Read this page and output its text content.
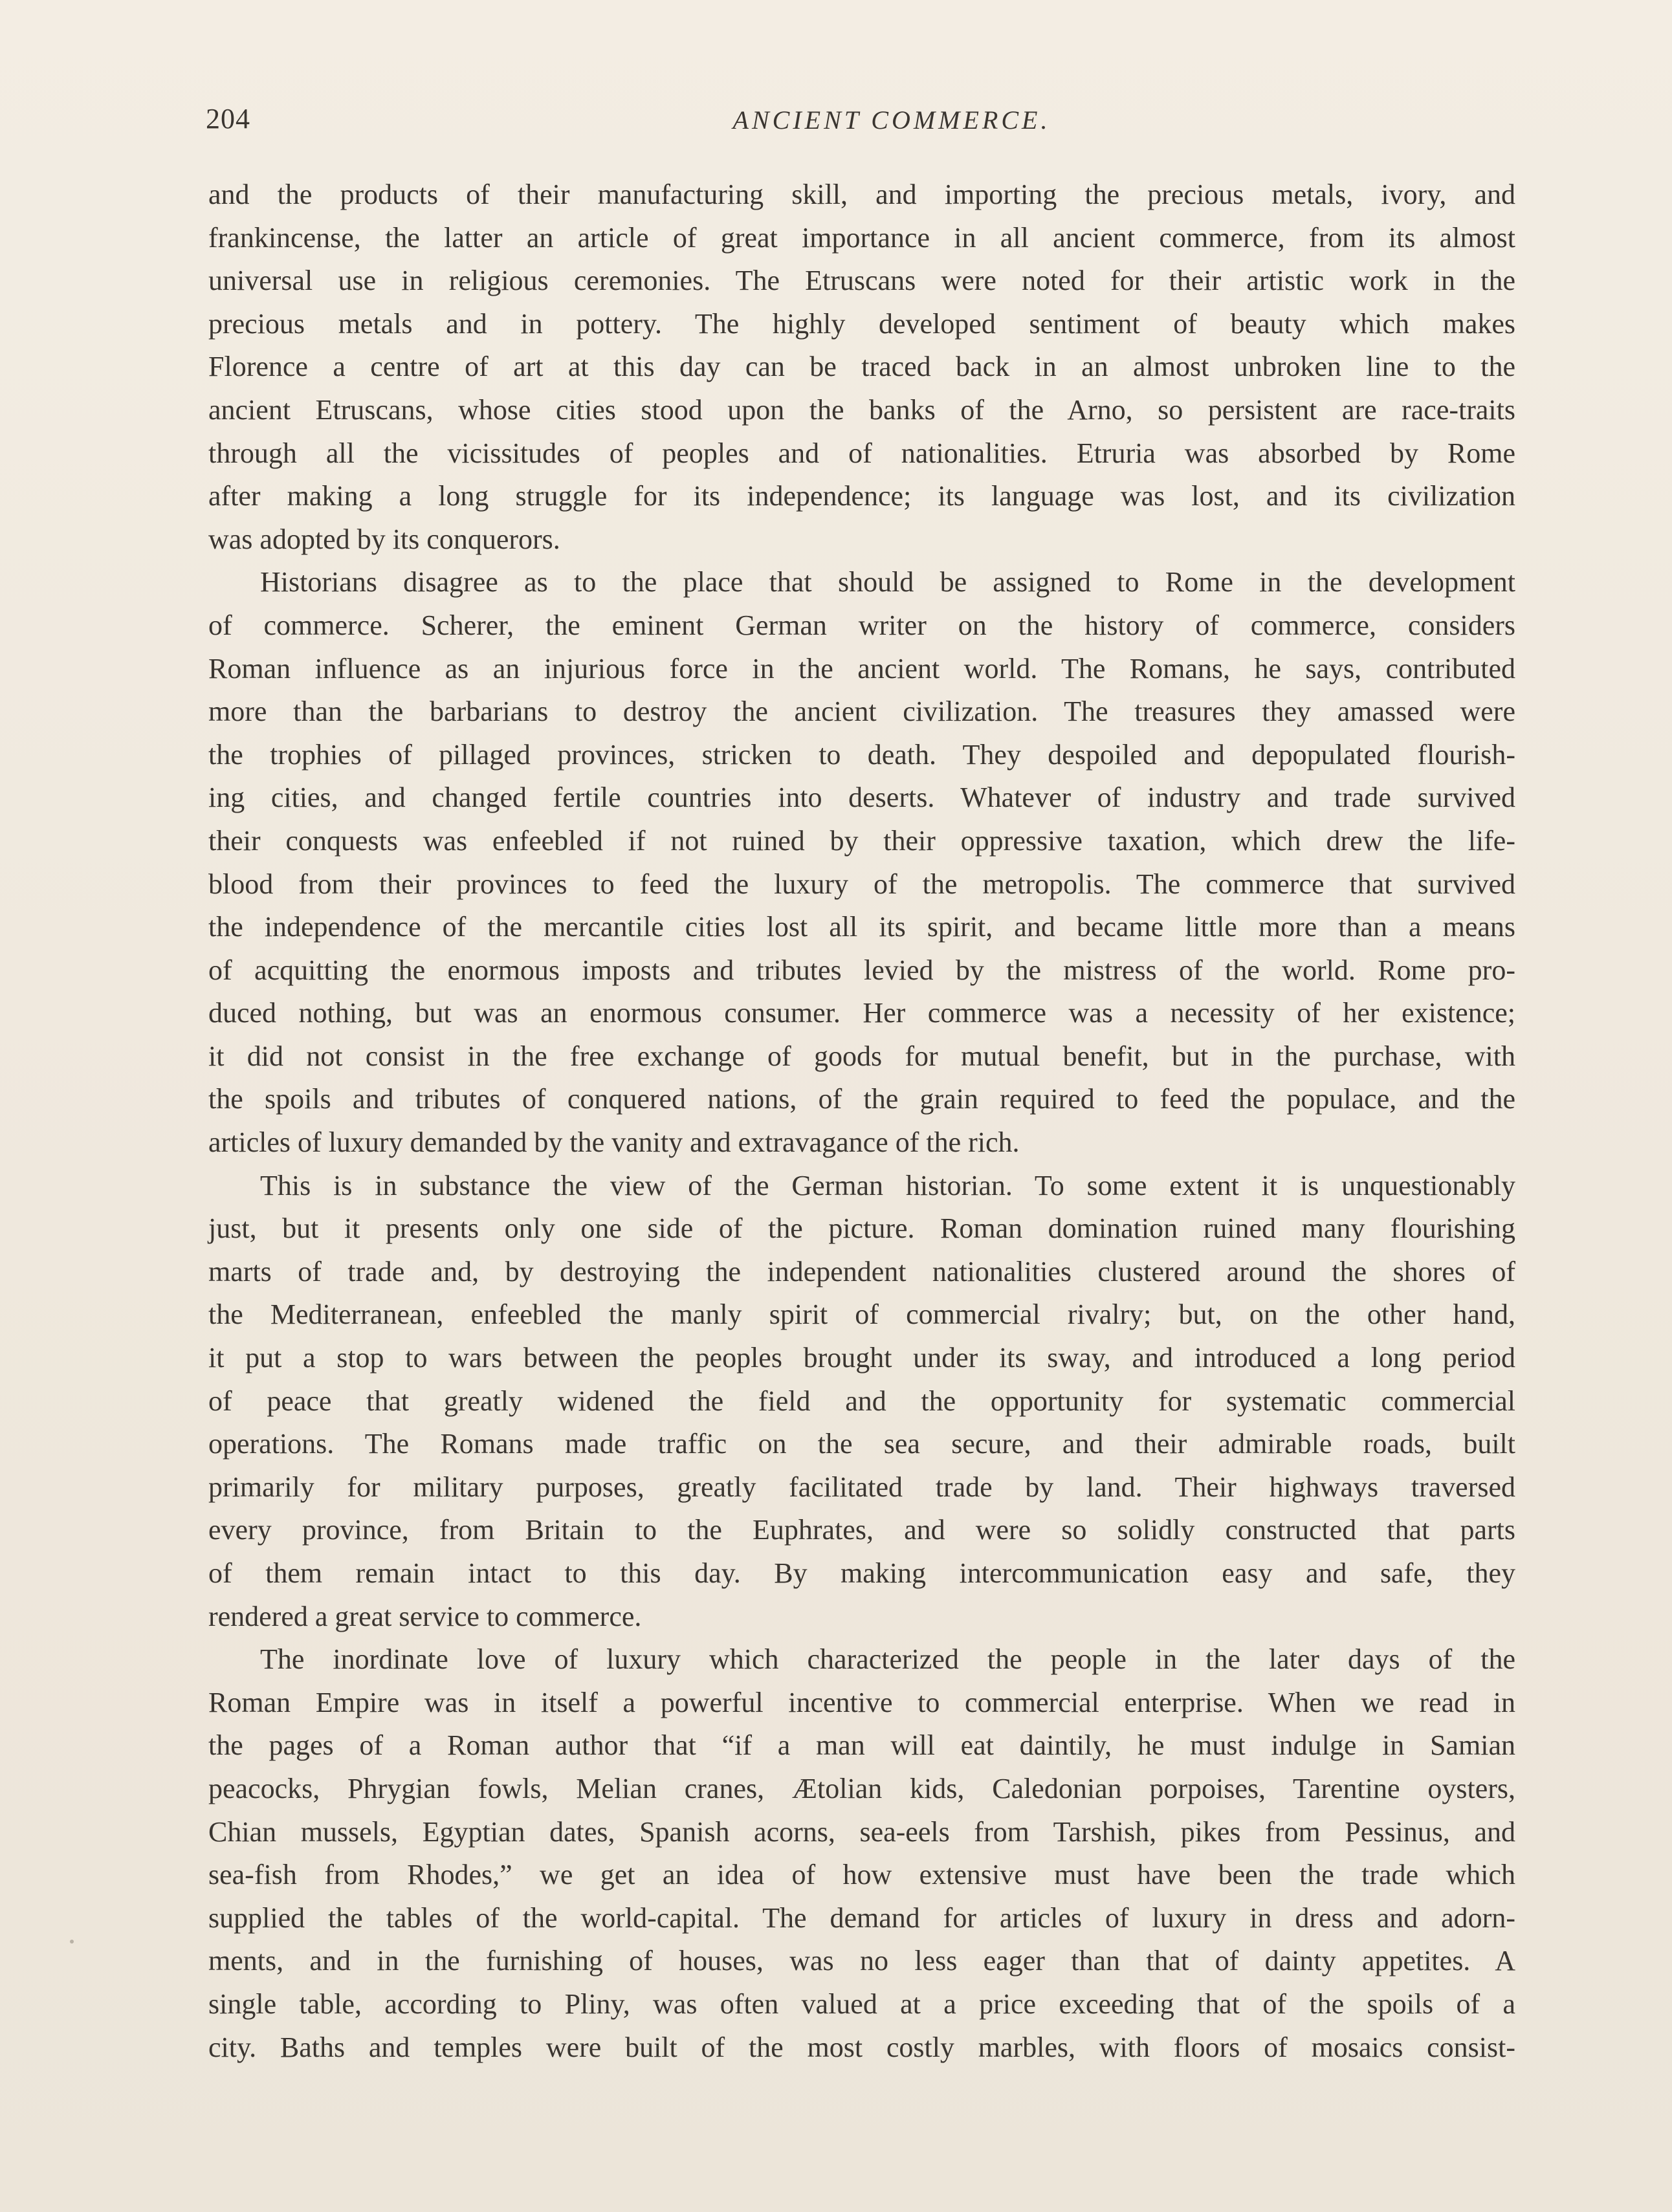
204	ANCIENT COMMERCE.

and the products of their manufacturing skill, and importing the precious metals, ivory, and
frankincense, the latter an article of great importance in all ancient commerce, from its almost
universal use in religious ceremonies. The Etruscans were noted for their artistic work in the
precious metals and in pottery. The highly developed sentiment of beauty which makes
Florence a centre of art at this day can be traced back in an almost unbroken line to the
ancient Etruscans, whose cities stood upon the banks of the Arno, so persistent are race-traits
through all the vicissitudes of peoples and of nationalities. Etruria was absorbed by Rome
after making a long struggle for its independence; its language was lost, and its civilization
was adopted by its conquerors.

Historians disagree as to the place that should be assigned to Rome in the development
of commerce. Scherer, the eminent German writer on the history of commerce, considers
Roman influence as an injurious force in the ancient world. The Romans, he says, contributed
more than the barbarians to destroy the ancient civilization. The treasures they amassed were
the trophies of pillaged provinces, stricken to death. They despoiled and depopulated flourish-
ing cities, and changed fertile countries into deserts. Whatever of industry and trade survived
their conquests was enfeebled if not ruined by their oppressive taxation, which drew the life-
blood from their provinces to feed the luxury of the metropolis. The commerce that survived
the independence of the mercantile cities lost all its spirit, and became little more than a means
of acquitting the enormous imposts and tributes levied by the mistress of the world. Rome pro-
duced nothing, but was an enormous consumer. Her commerce was a necessity of her existence;
it did not consist in the free exchange of goods for mutual benefit, but in the purchase, with
the spoils and tributes of conquered nations, of the grain required to feed the populace, and the
articles of luxury demanded by the vanity and extravagance of the rich.

This is in substance the view of the German historian. To some extent it is unquestionably
just, but it presents only one side of the picture. Roman domination ruined many flourishing
marts of trade and, by destroying the independent nationalities clustered around the shores of
the Mediterranean, enfeebled the manly spirit of commercial rivalry; but, on the other hand,
it put a stop to wars between the peoples brought under its sway, and introduced a long period
of peace that greatly widened the field and the opportunity for systematic commercial
operations. The Romans made traffic on the sea secure, and their admirable roads, built
primarily for military purposes, greatly facilitated trade by land. Their highways traversed
every province, from Britain to the Euphrates, and were so solidly constructed that parts
of them remain intact to this day. By making intercommunication easy and safe, they
rendered a great service to commerce.

The inordinate love of luxury which characterized the people in the later days of the
Roman Empire was in itself a powerful incentive to commercial enterprise. When we read in
the pages of a Roman author that “if a man will eat daintily, he must indulge in Samian
peacocks, Phrygian fowls, Melian cranes, Ætolian kids, Caledonian porpoises, Tarentine oysters,
Chian mussels, Egyptian dates, Spanish acorns, sea-eels from Tarshish, pikes from Pessinus, and
sea-fish from Rhodes,” we get an idea of how extensive must have been the trade which
supplied the tables of the world-capital. The demand for articles of luxury in dress and adorn-
ments, and in the furnishing of houses, was no less eager than that of dainty appetites. A
single table, according to Pliny, was often valued at a price exceeding that of the spoils of a
city. Baths and temples were built of the most costly marbles, with floors of mosaics consist-
